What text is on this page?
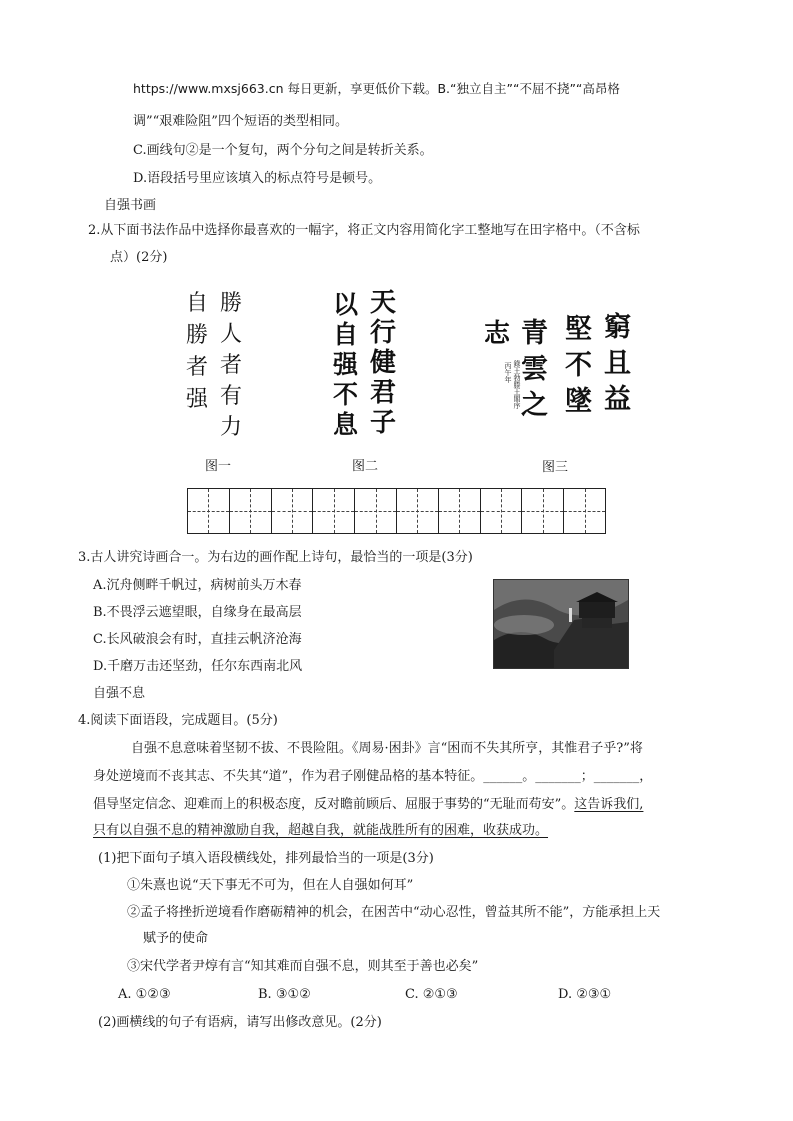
https://www.mxsj663.cn 每日更新，享更低价下载。B.“独立自主”“不屈不挠”“高昂格
调”“艰难险阻”四个短语的类型相同。
C.画线句②是一个复句，两个分句之间是转折关系。
D.语段括号里应该填入的标点符号是顿号。
自强书画
2.从下面书法作品中选择你最喜欢的一幅字，将正文内容用简化字工整地写在田字格中。（不含标
点）(2分)
自
勝
者
强
勝
人
者
有
力
图一
以
自
强
不
息
天
行
健
君
子
图二
志
丙午年 錄王勃滕王閣序
青
雲
之
堅
不
墜
窮
且
益
图三
3.古人讲究诗画合一。为右边的画作配上诗句，最恰当的一项是(3分)
A.沉舟侧畔千帆过，病树前头万木春
B.不畏浮云遮望眼，自缘身在最高层
C.长风破浪会有时，直挂云帆济沧海
D.千磨万击还坚劲，任尔东西南北风
自强不息
4.阅读下面语段，完成题目。(5分)
自强不息意味着坚韧不拔、不畏险阻。《周易·困卦》言“困而不失其所亨，其惟君子乎?”将
身处逆境而不丧其志、不失其“道”，作为君子刚健品格的基本特征。______。_______；_______，
倡导坚定信念、迎难而上的积极态度，反对瞻前顾后、屈服于事势的“无耻而苟安”。这告诉我们,
只有以自强不息的精神激励自我，超越自我，就能战胜所有的困难，收获成功。
(1)把下面句子填入语段横线处，排列最恰当的一项是(3分)
①朱熹也说“天下事无不可为，但在人自强如何耳”
②孟子将挫折逆境看作磨砺精神的机会，在困苦中“动心忍性，曾益其所不能”，方能承担上天
赋予的使命
③宋代学者尹焞有言“知其难而自强不息，则其至于善也必矣”
A. ①②③	B. ③①②	C. ②①③	D. ②③①
(2)画横线的句子有语病，请写出修改意见。(2分)
